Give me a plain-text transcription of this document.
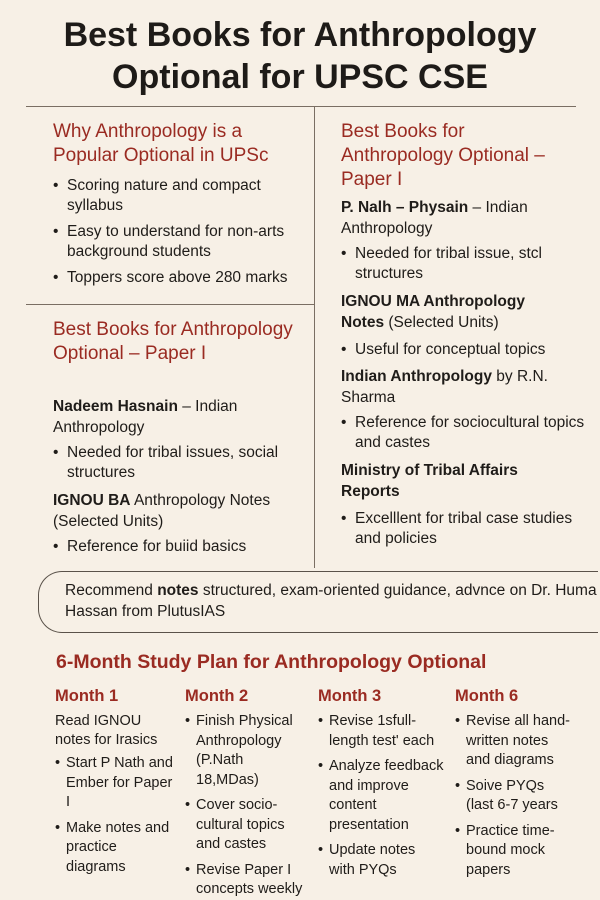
Best Books for Anthropology
Optional for UPSC CSE
Why Anthropology is a Popular Optional in UPSc
• Scoring nature and compact syllabus
• Easy to understand for non-arts background students
• Toppers score above 280 marks
Best Books for Anthropology Optional – Paper I
Nadeem Hasnain – Indian Anthropology
• Needed for tribal issues, social structures
IGNOU BA Anthropology Notes (Selected Units)
• Reference for buiid basics
Best Books for Anthropology Optional – Paper I
P. Nalh – Physain – Indian Anthropology
• Needed for tribal issue, stcl structures
IGNOU MA Anthropology Notes (Selected Units)
• Useful for conceptual topics
Indian Anthropology by R.N. Sharma
• Reference for sociocultural topics and castes
Ministry of Tribal Affairs Reports
• Excelllent for tribal case studies and policies
Recommend notes structured, exam-oriented guidance, advnce on Dr. Huma Hassan from PlutusIAS
6-Month Study Plan for Anthropology Optional
Month 1
Read IGNOU notes for Irasics
• Start P Nath and Ember for Paper I
• Make notes and practice diagrams
Month 2
• Finish Physical Anthropology (P.Nath 18,MDas)
• Cover socio-cultural topics and castes
• Revise Paper I concepts weekly
Month 3
• Revise 1sfull-length test' each
• Analyze feedback and improve content presentation
• Update notes with PYQs
Month 6
• Revise all hand-written notes and diagrams
• Soive PYQs (last 6-7 years
• Practice time-bound mock papers
